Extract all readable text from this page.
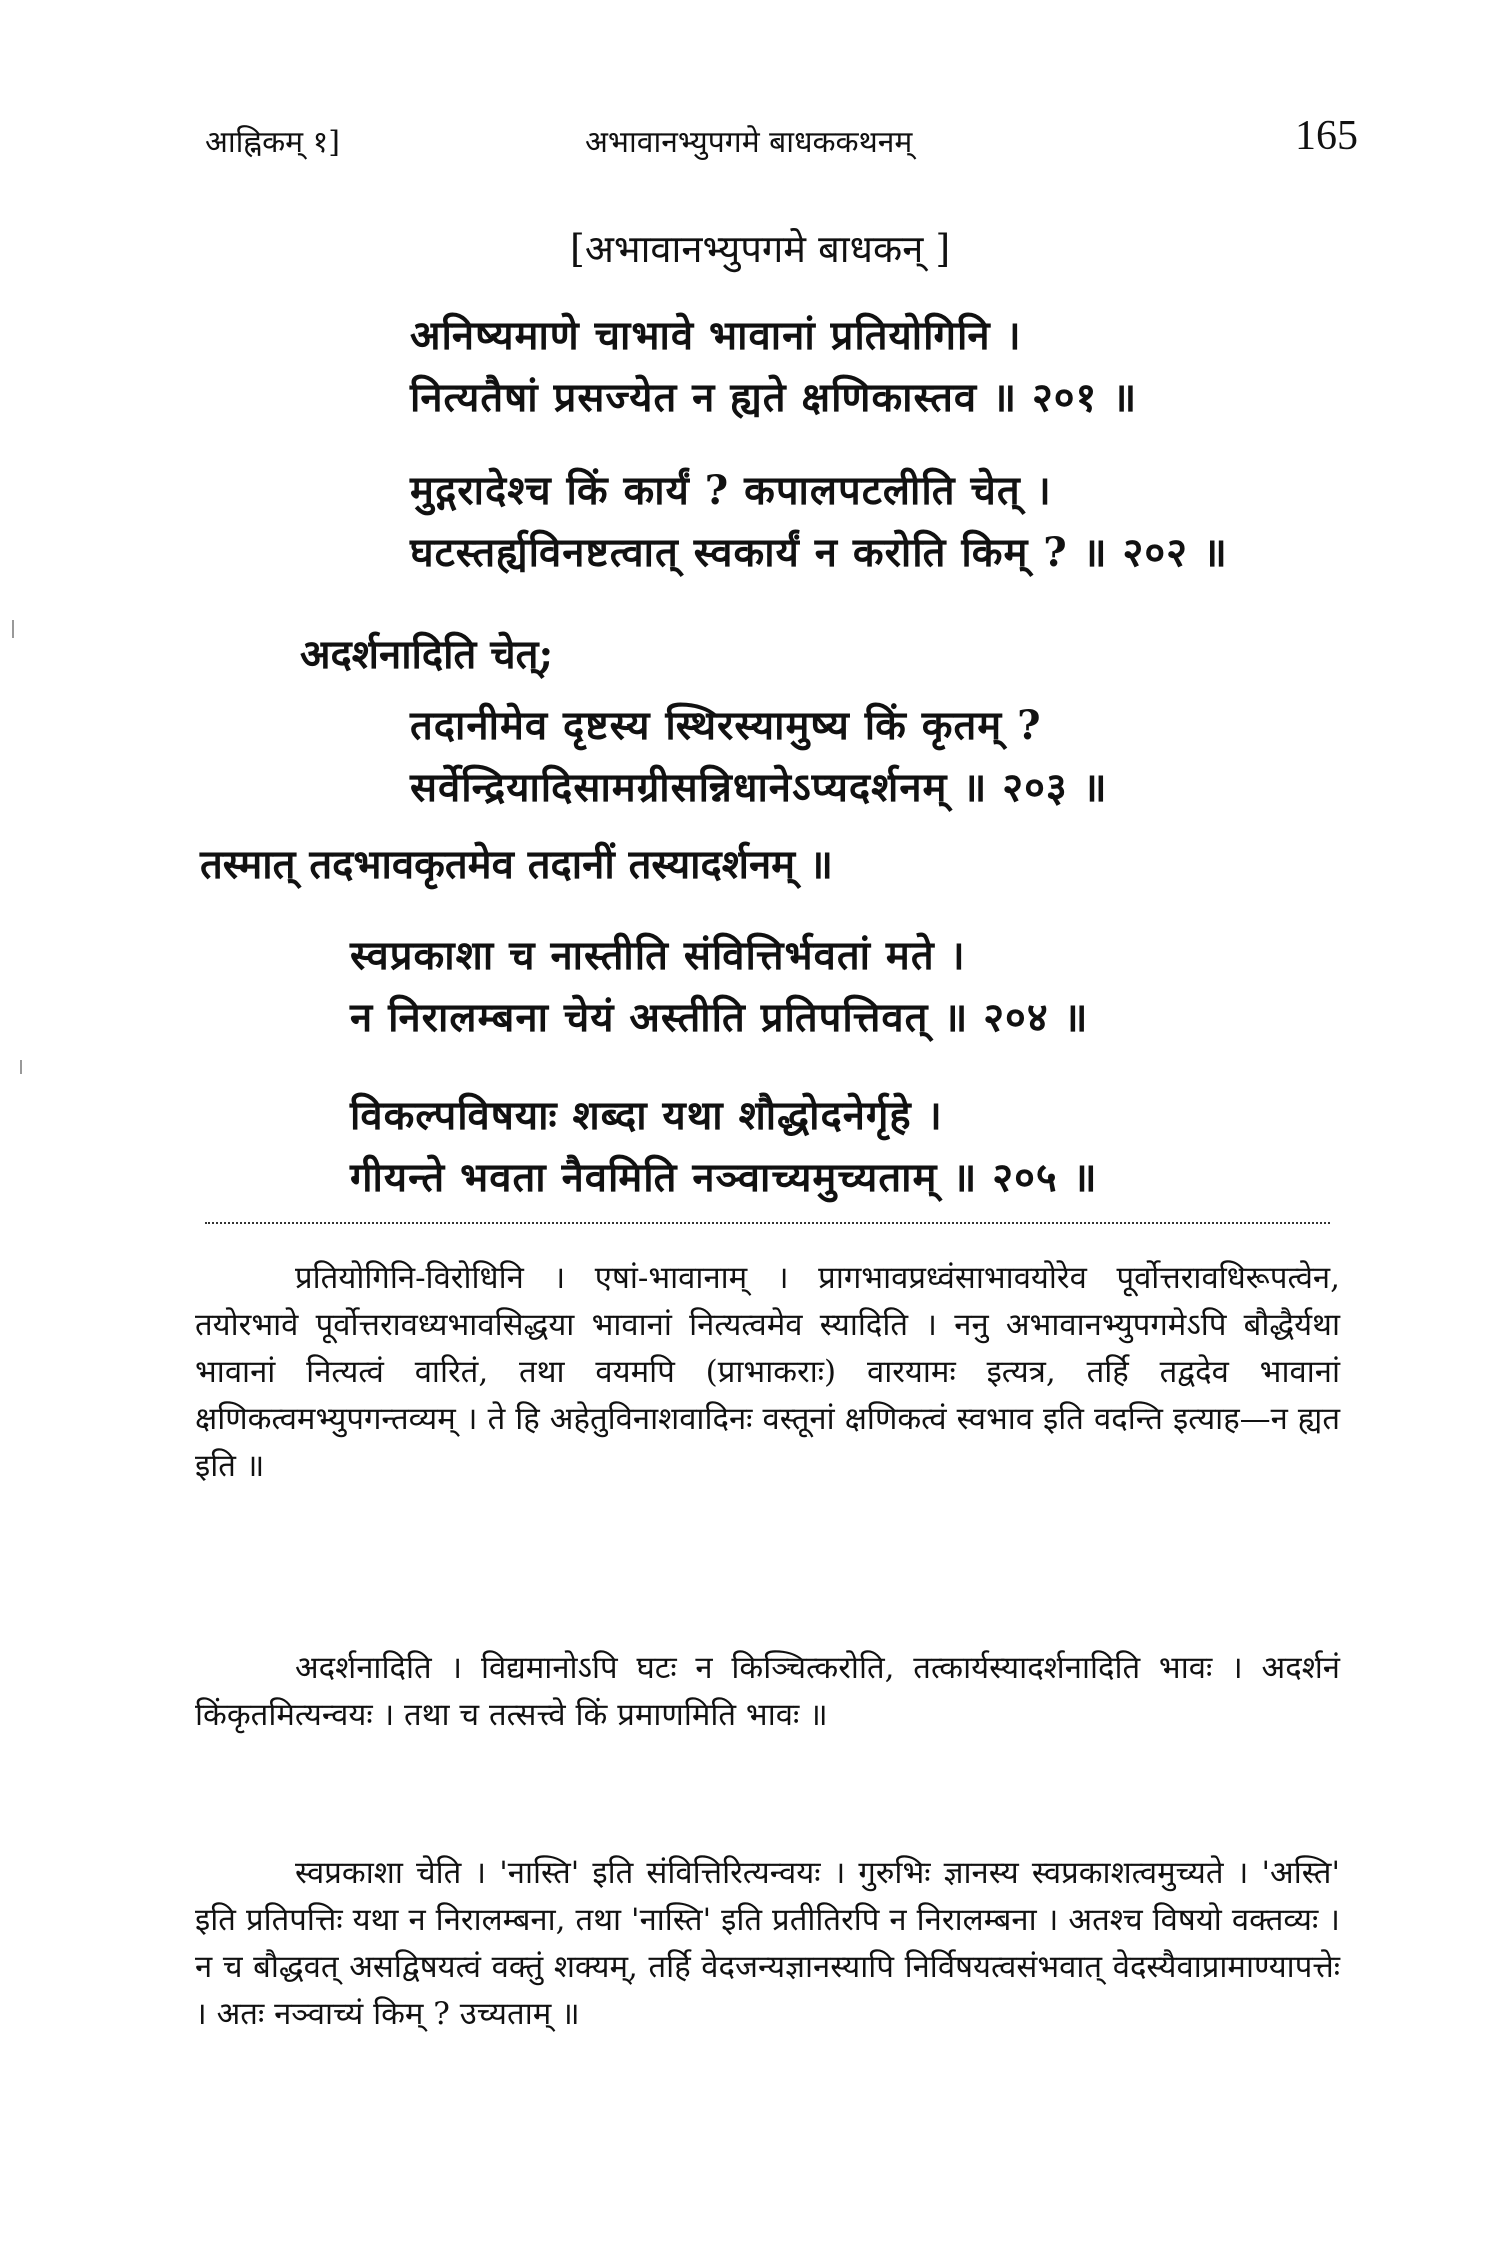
आह्निकम् १]	अभावानभ्युपगमे बाधककथनम्	165
[अभावानभ्युपगमे बाधकन् ]
अनिष्यमाणे चाभावे भावानां प्रतियोगिनि ।
नित्यतैषां प्रसज्येत न ह्यते क्षणिकास्तव ॥ २०१ ॥
मुद्गरादेश्च किं कार्यं ? कपालपटलीति चेत् ।
घटस्तर्ह्यविनष्टत्वात् स्वकार्यं न करोति किम् ? ॥ २०२ ॥
अदर्शनादिति चेत्;
तदानीमेव दृष्टस्य स्थिरस्यामुष्य किं कृतम् ?
सर्वेन्द्रियादिसामग्रीसन्निधानेऽप्यदर्शनम् ॥ २०३ ॥
तस्मात् तदभावकृतमेव तदानीं तस्यादर्शनम् ॥
स्वप्रकाशा च नास्तीति संवित्तिर्भवतां मते ।
न निरालम्बना चेयं अस्तीति प्रतिपत्तिवत् ॥ २०४ ॥
विकल्पविषयाः शब्दा यथा शौद्धोदनेर्गृहे ।
गीयन्ते भवता नैवमिति नञ्वाच्यमुच्यताम् ॥ २०५ ॥

प्रतियोगिनि-विरोधिनि । एषां-भावानाम् । प्रागभावप्रध्वंसाभावयोरेव पूर्वोत्तरावधिरूपत्वेन, तयोरभावे पूर्वोत्तरावध्यभावसिद्धया भावानां नित्यत्वमेव स्यादिति । ननु अभावानभ्युपगमेऽपि बौद्धैर्यथा भावानां नित्यत्वं वारितं, तथा वयमपि (प्राभाकराः) वारयामः इत्यत्र, तर्हि तद्वदेव भावानां क्षणिकत्वमभ्युपगन्तव्यम् । ते हि अहेतुविनाशवादिनः वस्तूनां क्षणिकत्वं स्वभाव इति वदन्ति इत्याह—न ह्यत इति ॥

अदर्शनादिति । विद्यमानोऽपि घटः न किञ्चित्करोति, तत्कार्यस्यादर्शनादिति भावः । अदर्शनं किंकृतमित्यन्वयः । तथा च तत्सत्त्वे किं प्रमाणमिति भावः ॥

स्वप्रकाशा चेति । 'नास्ति' इति संवित्तिरित्यन्वयः । गुरुभिः ज्ञानस्य स्वप्रकाशत्वमुच्यते । 'अस्ति' इति प्रतिपत्तिः यथा न निरालम्बना, तथा 'नास्ति' इति प्रतीतिरपि न निरालम्बना । अतश्च विषयो वक्तव्यः । न च बौद्धवत् असद्विषयत्वं वक्तुं शक्यम्, तर्हि वेदजन्यज्ञानस्यापि निर्विषयत्वसंभवात् वेदस्यैवाप्रामाण्यापत्तेः । अतः नञ्वाच्यं किम् ? उच्यताम् ॥
